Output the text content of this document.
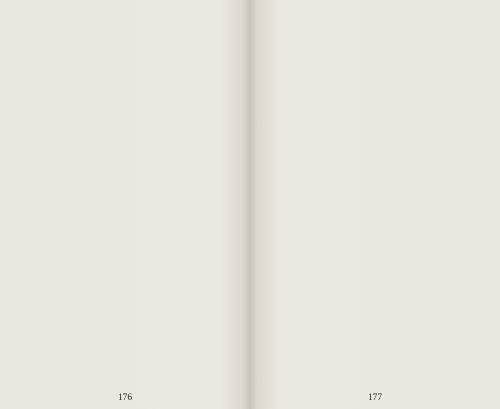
176	177
